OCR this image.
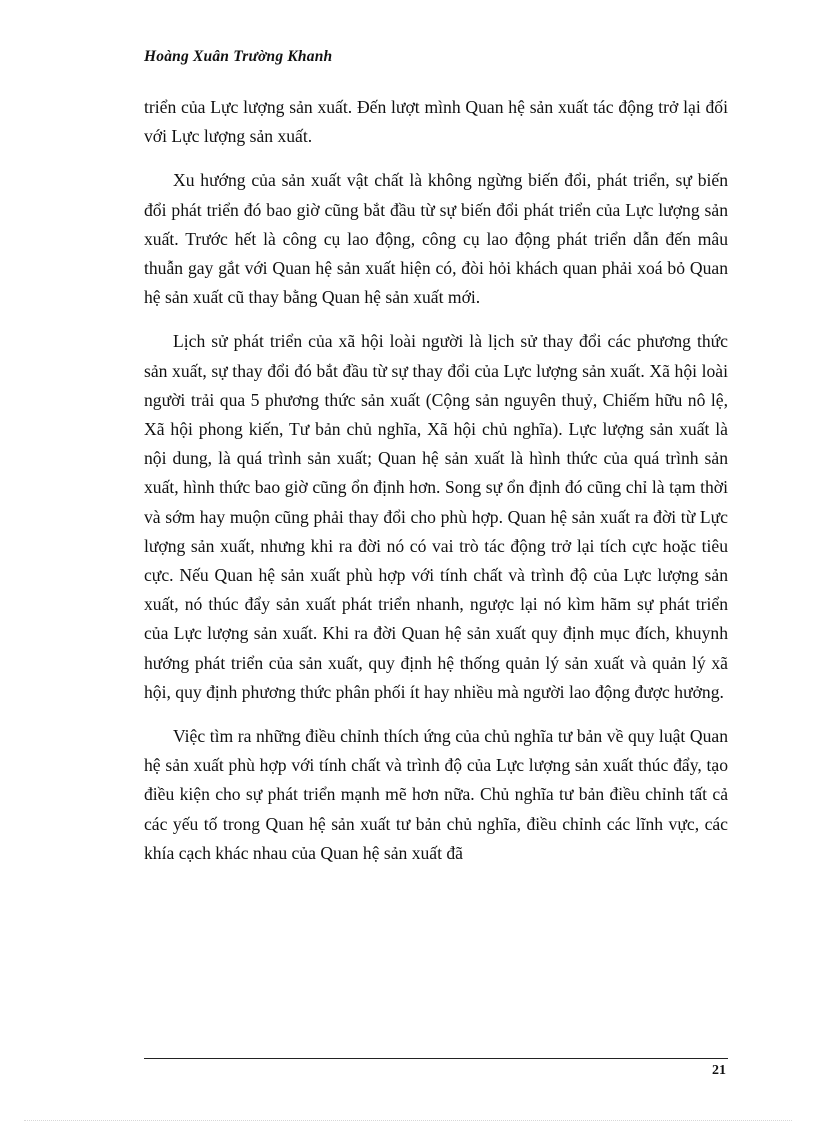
Hoàng Xuân Trường Khanh

triển của Lực lượng sản xuất. Đến lượt mình Quan hệ sản xuất tác động trở lại đối với Lực lượng sản xuất.

Xu hướng của sản xuất vật chất là không ngừng biến đổi, phát triển, sự biến đổi phát triển đó bao giờ cũng bắt đầu từ sự biến đổi phát triển của Lực lượng sản xuất. Trước hết là công cụ lao động, công cụ lao động phát triển dẫn đến mâu thuẫn gay gắt với Quan hệ sản xuất hiện có, đòi hỏi khách quan phải xoá bỏ Quan hệ sản xuất cũ thay bằng Quan hệ sản xuất mới.

Lịch sử phát triển của xã hội loài người là lịch sử thay đổi các phương thức sản xuất, sự thay đổi đó bắt đầu từ sự thay đổi của Lực lượng sản xuất. Xã hội loài người trải qua 5 phương thức sản xuất (Cộng sản nguyên thuỷ, Chiếm hữu nô lệ, Xã hội phong kiến, Tư bản chủ nghĩa, Xã hội chủ nghĩa). Lực lượng sản xuất là nội dung, là quá trình sản xuất; Quan hệ sản xuất là hình thức của quá trình sản xuất, hình thức bao giờ cũng ổn định hơn. Song sự ổn định đó cũng chỉ là tạm thời và sớm hay muộn cũng phải thay đổi cho phù hợp. Quan hệ sản xuất ra đời từ Lực lượng sản xuất, nhưng khi ra đời nó có vai trò tác động trở lại tích cực hoặc tiêu cực. Nếu Quan hệ sản xuất phù hợp với tính chất và trình độ của Lực lượng sản xuất, nó thúc đẩy sản xuất phát triển nhanh, ngược lại nó kìm hãm sự phát triển của Lực lượng sản xuất. Khi ra đời Quan hệ sản xuất quy định mục đích, khuynh hướng phát triển của sản xuất, quy định hệ thống quản lý sản xuất và quản lý xã hội, quy định phương thức phân phối ít hay nhiều mà người lao động được hưởng.

Việc tìm ra những điều chỉnh thích ứng của chủ nghĩa tư bản về quy luật Quan hệ sản xuất phù hợp với tính chất và trình độ của Lực lượng sản xuất thúc đẩy, tạo điều kiện cho sự phát triển mạnh mẽ hơn nữa. Chủ nghĩa tư bản điều chỉnh tất cả các yếu tố trong Quan hệ sản xuất tư bản chủ nghĩa, điều chỉnh các lĩnh vực, các khía cạch khác nhau của Quan hệ sản xuất đã

21
